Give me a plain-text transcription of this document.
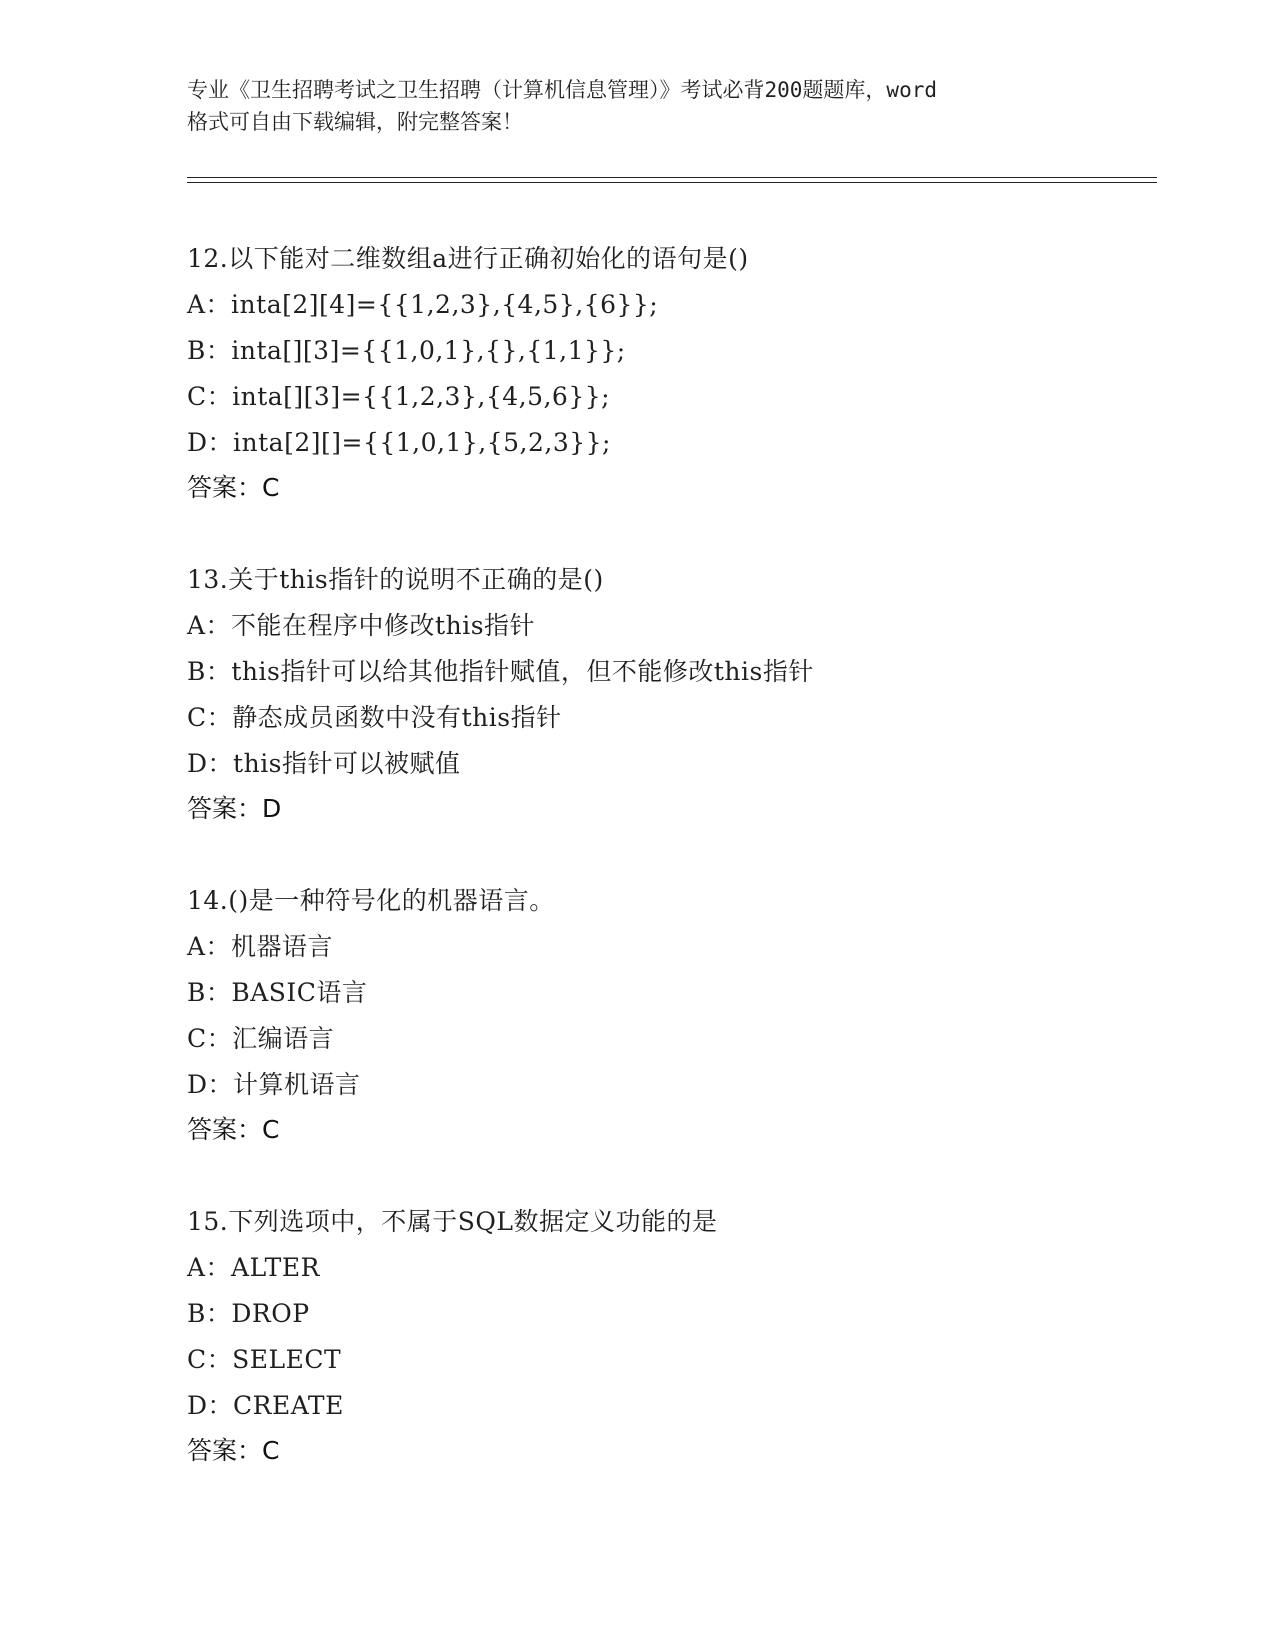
专业《卫生招聘考试之卫生招聘（计算机信息管理）》考试必背200题题库，word
格式可自由下载编辑，附完整答案！
12.以下能对二维数组a进行正确初始化的语句是()
A：inta[2][4]={{1,2,3},{4,5},{6}};
B：inta[][3]={{1,0,1},{},{1,1}};
C：inta[][3]={{1,2,3},{4,5,6}};
D：inta[2][]={{1,0,1},{5,2,3}};
答案：C
13.关于this指针的说明不正确的是()
A：不能在程序中修改this指针
B：this指针可以给其他指针赋值，但不能修改this指针
C：静态成员函数中没有this指针
D：this指针可以被赋值
答案：D
14.()是一种符号化的机器语言。
A：机器语言
B：BASIC语言
C：汇编语言
D：计算机语言
答案：C
15.下列选项中，不属于SQL数据定义功能的是
A：ALTER
B：DROP
C：SELECT
D：CREATE
答案：C
